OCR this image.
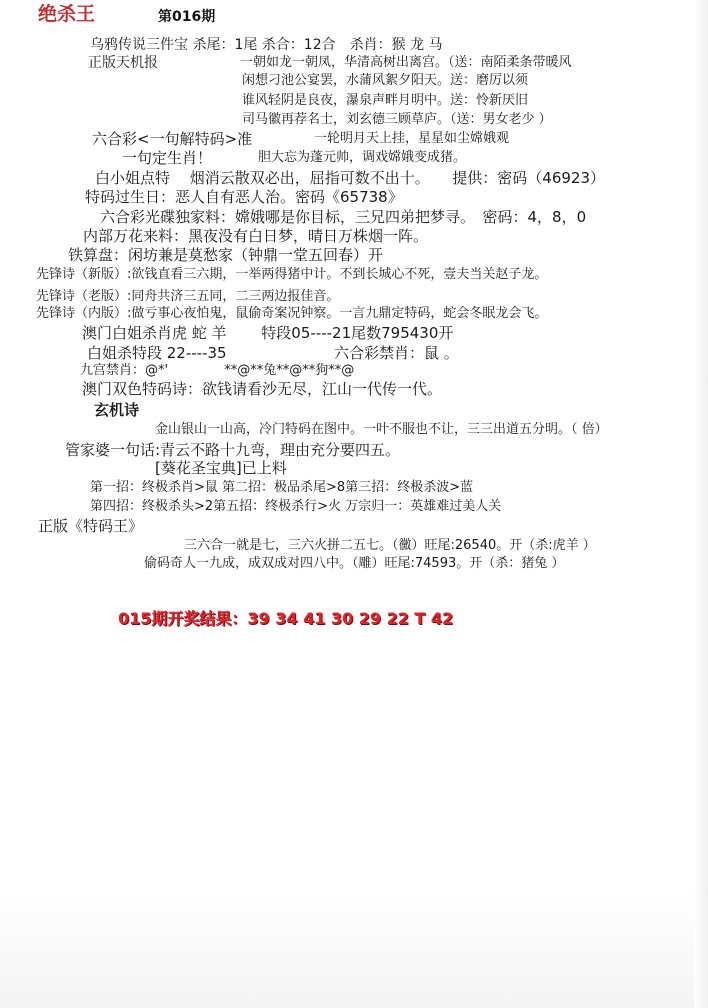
绝杀王	第016期
乌鸦传说三件宝 杀尾：1尾 杀合：12合　杀肖：猴 龙 马
正版天机报	一朝如龙一朝凤，华清高树出离宫。（送：南陌柔条带暖风
闲想刁池公宴罢，水蒲风絮夕阳天。送：磨厉以须
谁风轻阴是良夜，瀑泉声畔月明中。送：怜新厌旧
司马徽再荐名士，刘玄德三顾草庐。（送：男女老少 ）
六合彩<一句解特码>准	一轮明月天上挂，星星如尘嫦娥观
一句定生肖！	胆大忘为蓬元帅，调戏嫦娥变成猪。
白小姐点特　 烟消云散双必出，屈指可数不出十。　　提供：密码（46923）
特码过生日：恶人自有恶人治。密码《65738》
六合彩光碟独家料：嫦娥哪是你目标，三兄四弟把梦寻。　密码：4，8，0
内部万花来料：黑夜没有白日梦，晴日万株烟一阵。
铁算盘：闲坊兼是莫愁家（钟鼎一堂五回春）开
先锋诗（新版）:欲钱直看三六期，一举两得猪中计。不到长城心不死，壹夫当关赵子龙。
先锋诗（老版）:同舟共济三五同，二三两边报佳音。
先锋诗（内版）:做亏事心夜怕鬼，鼠偷奇案况钟察。一言九鼎定特码，蛇会冬眠龙会飞。
澳门白姐杀肖虎 蛇 羊　　 特段05----21尾数795430开
白姐杀特段 22----35	六合彩禁肖：鼠 。
九宫禁肖：@*'　　　　 **@**兔**@**狗**@
澳门双色特码诗：欲钱请看沙无尽，江山一代传一代。
玄机诗
金山银山一山高，冷门特码在图中。一叶不服也不让，三三出道五分明。（ 倍）
管家婆一句话:青云不路十九弯，理由充分要四五。
[葵花圣宝典]已上料
第一招：终极杀肖>鼠 第二招：极品杀尾>8第三招：终极杀波>蓝
第四招：终极杀头>2第五招：终极杀行>火 万宗归一：英雄难过美人关
正版《特码王》
三六合一就是七，三六火拼二五七。（黴）旺尾:26540。开（杀:虎羊 ）
偷码奇人一九成，成双成对四八中。（雕）旺尾:74593。开（杀：猪兔 ）
015期开奖结果：39 34 41 30 29 22 T 42
